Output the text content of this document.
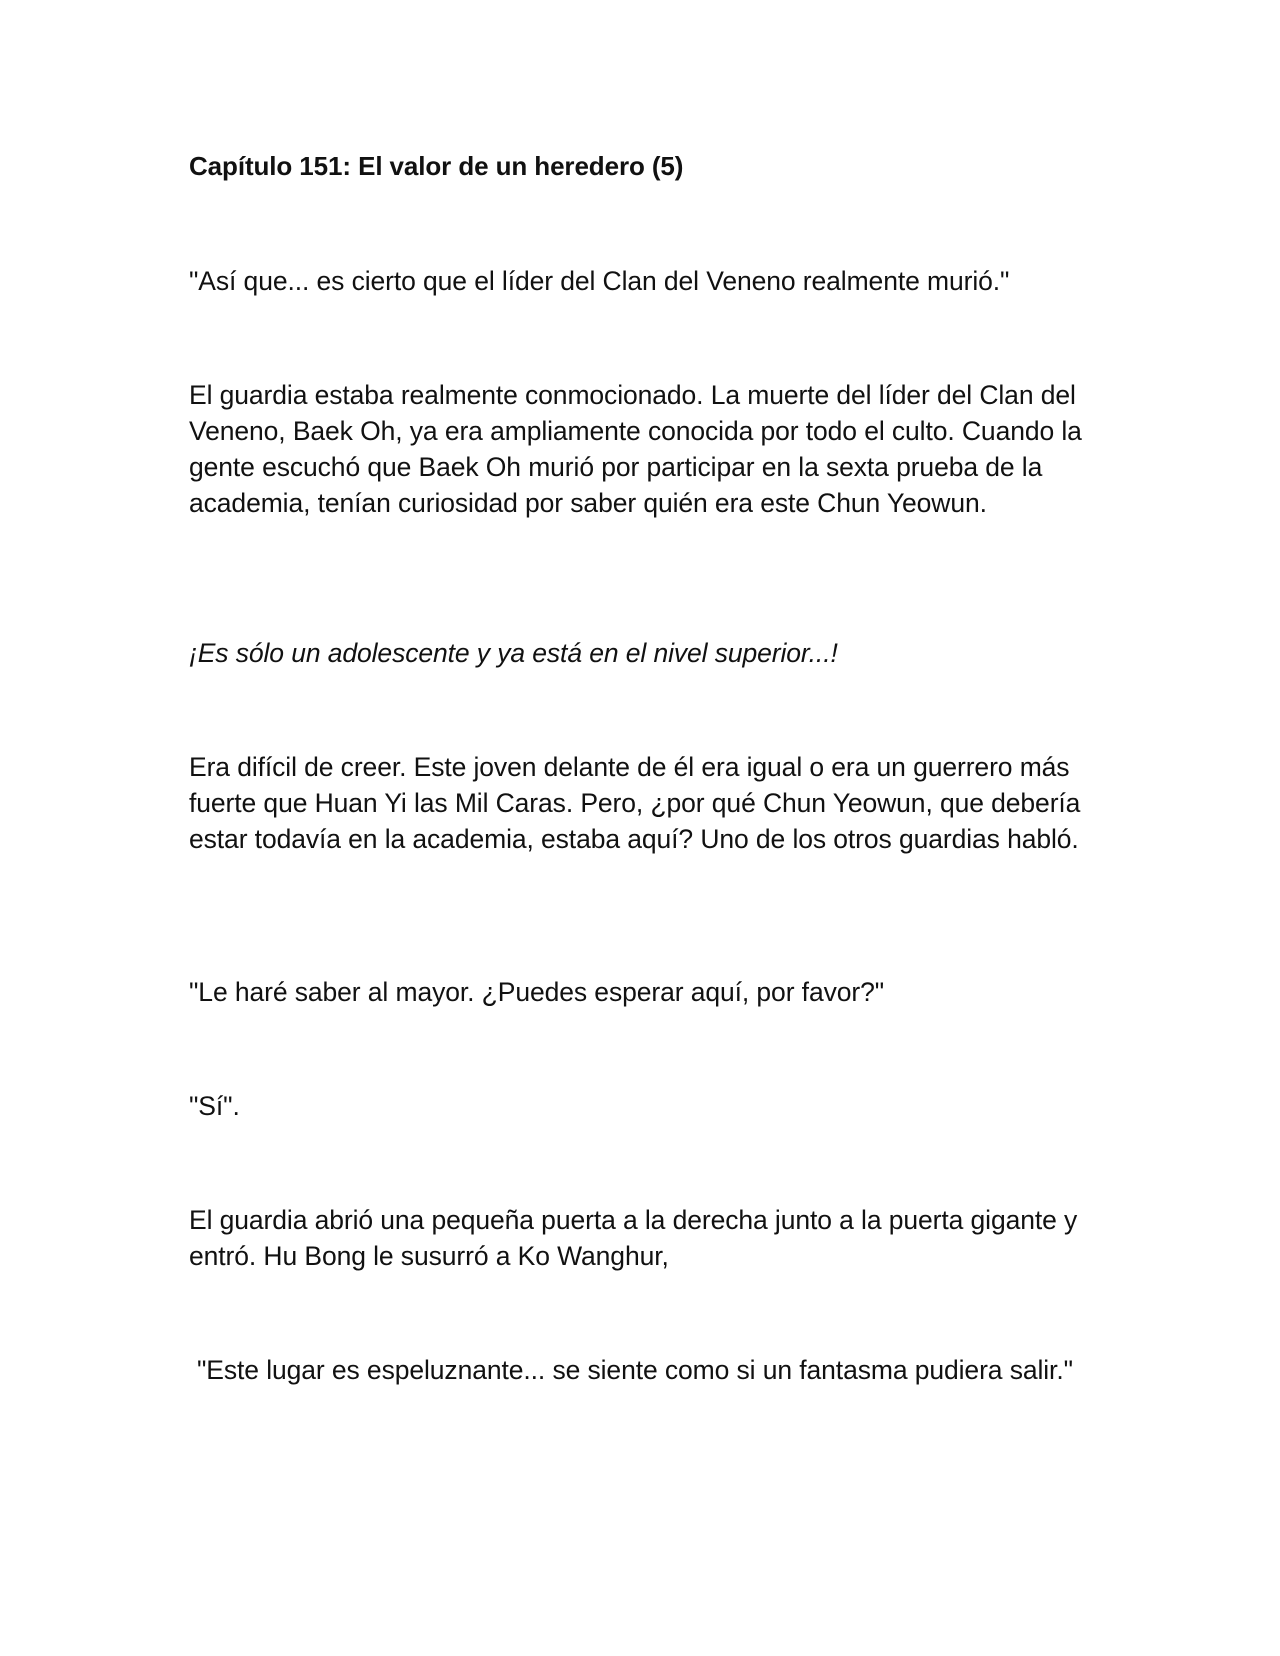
Capítulo 151: El valor de un heredero (5)

"Así que... es cierto que el líder del Clan del Veneno realmente murió."

El guardia estaba realmente conmocionado. La muerte del líder del Clan del Veneno, Baek Oh, ya era ampliamente conocida por todo el culto. Cuando la gente escuchó que Baek Oh murió por participar en la sexta prueba de la academia, tenían curiosidad por saber quién era este Chun Yeowun.

¡Es sólo un adolescente y ya está en el nivel superior...!

Era difícil de creer. Este joven delante de él era igual o era un guerrero más fuerte que Huan Yi las Mil Caras. Pero, ¿por qué Chun Yeowun, que debería estar todavía en la academia, estaba aquí? Uno de los otros guardias habló.

"Le haré saber al mayor. ¿Puedes esperar aquí, por favor?"

"Sí".

El guardia abrió una pequeña puerta a la derecha junto a la puerta gigante y entró. Hu Bong le susurró a Ko Wanghur,

"Este lugar es espeluznante... se siente como si un fantasma pudiera salir."
